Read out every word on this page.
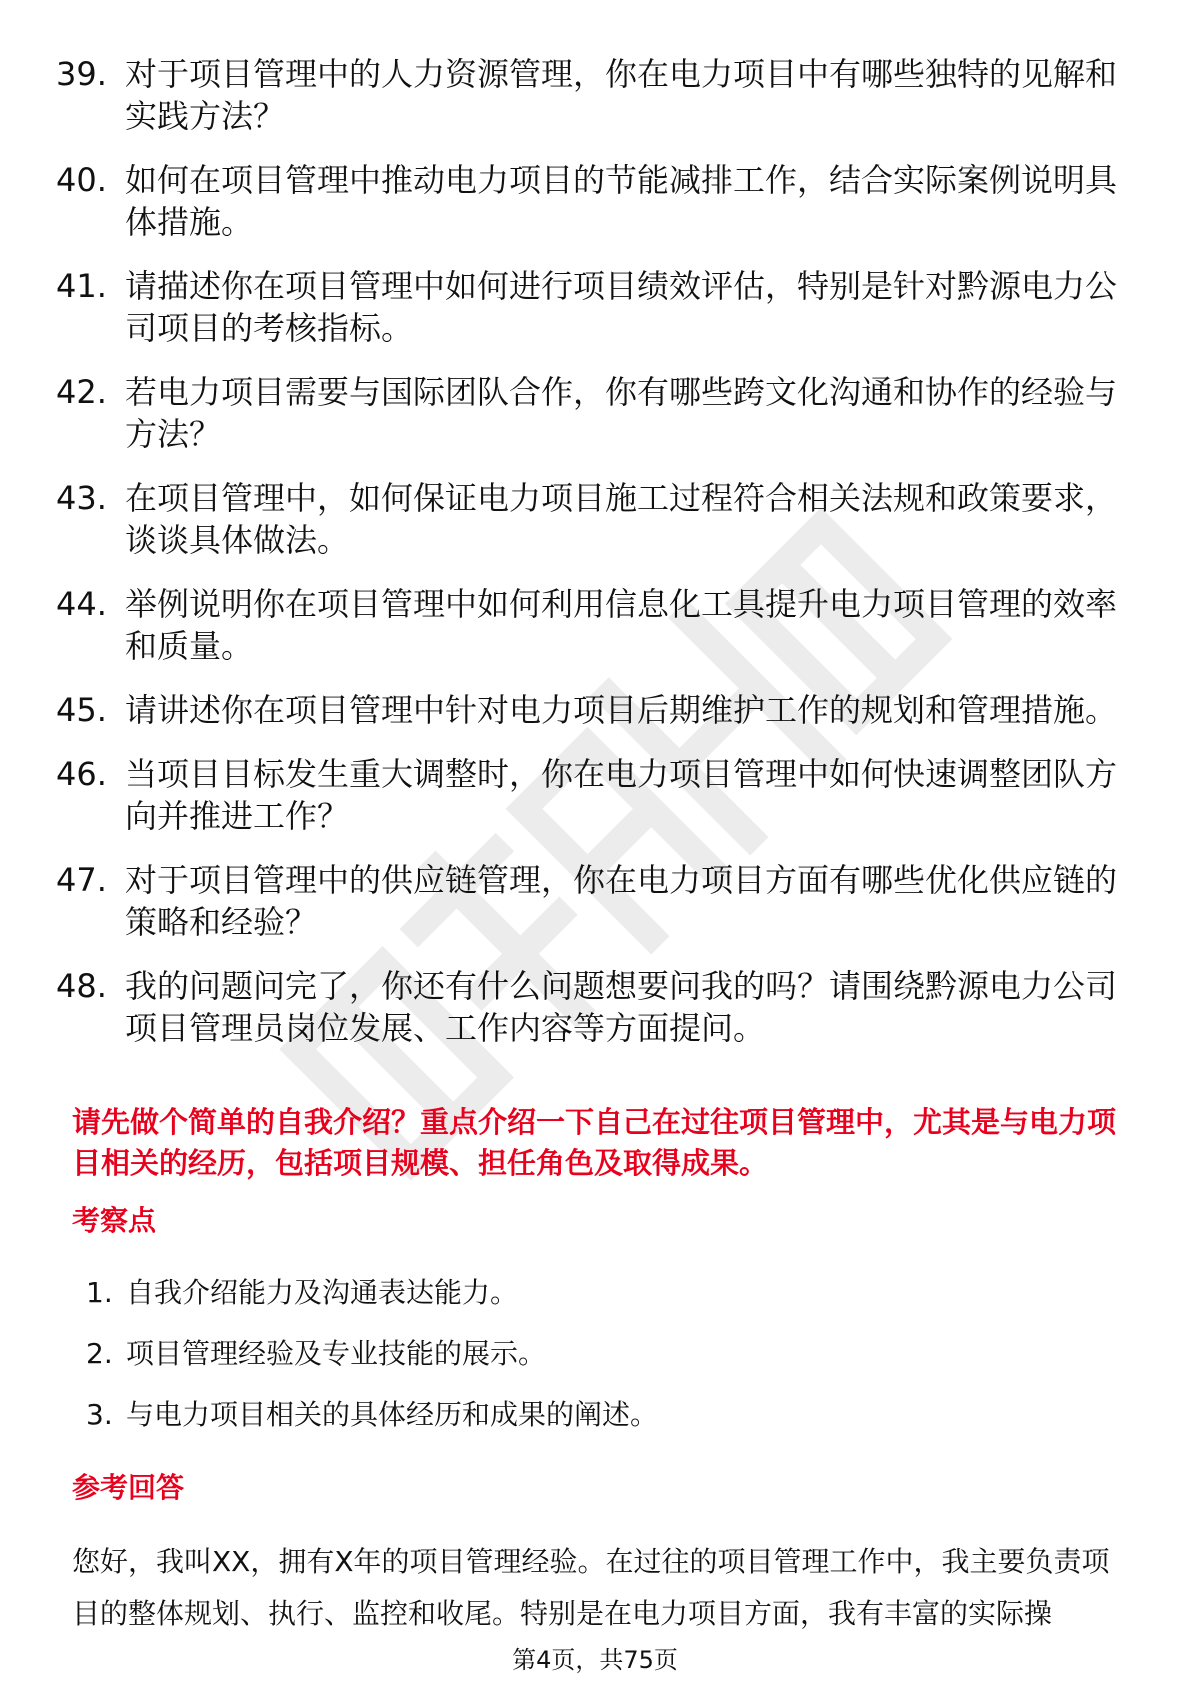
39. 对于项目管理中的人力资源管理，你在电力项目中有哪些独特的见解和实践方法？
40. 如何在项目管理中推动电力项目的节能减排工作，结合实际案例说明具体措施。
41. 请描述你在项目管理中如何进行项目绩效评估，特别是针对黔源电力公司项目的考核指标。
42. 若电力项目需要与国际团队合作，你有哪些跨文化沟通和协作的经验与方法？
43. 在项目管理中，如何保证电力项目施工过程符合相关法规和政策要求，谈谈具体做法。
44. 举例说明你在项目管理中如何利用信息化工具提升电力项目管理的效率和质量。
45. 请讲述你在项目管理中针对电力项目后期维护工作的规划和管理措施。
46. 当项目目标发生重大调整时，你在电力项目管理中如何快速调整团队方向并推进工作？
47. 对于项目管理中的供应链管理，你在电力项目方面有哪些优化供应链的策略和经验？
48. 我的问题问完了，你还有什么问题想要问我的吗？请围绕黔源电力公司项目管理员岗位发展、工作内容等方面提问。

请先做个简单的自我介绍？重点介绍一下自己在过往项目管理中，尤其是与电力项目相关的经历，包括项目规模、担任角色及取得成果。

考察点

1. 自我介绍能力及沟通表达能力。
2. 项目管理经验及专业技能的展示。
3. 与电力项目相关的具体经历和成果的阐述。

参考回答

您好，我叫XX，拥有X年的项目管理经验。在过往的项目管理工作中，我主要负责项目的整体规划、执行、监控和收尾。特别是在电力项目方面，我有丰富的实际操

第4页，共75页
